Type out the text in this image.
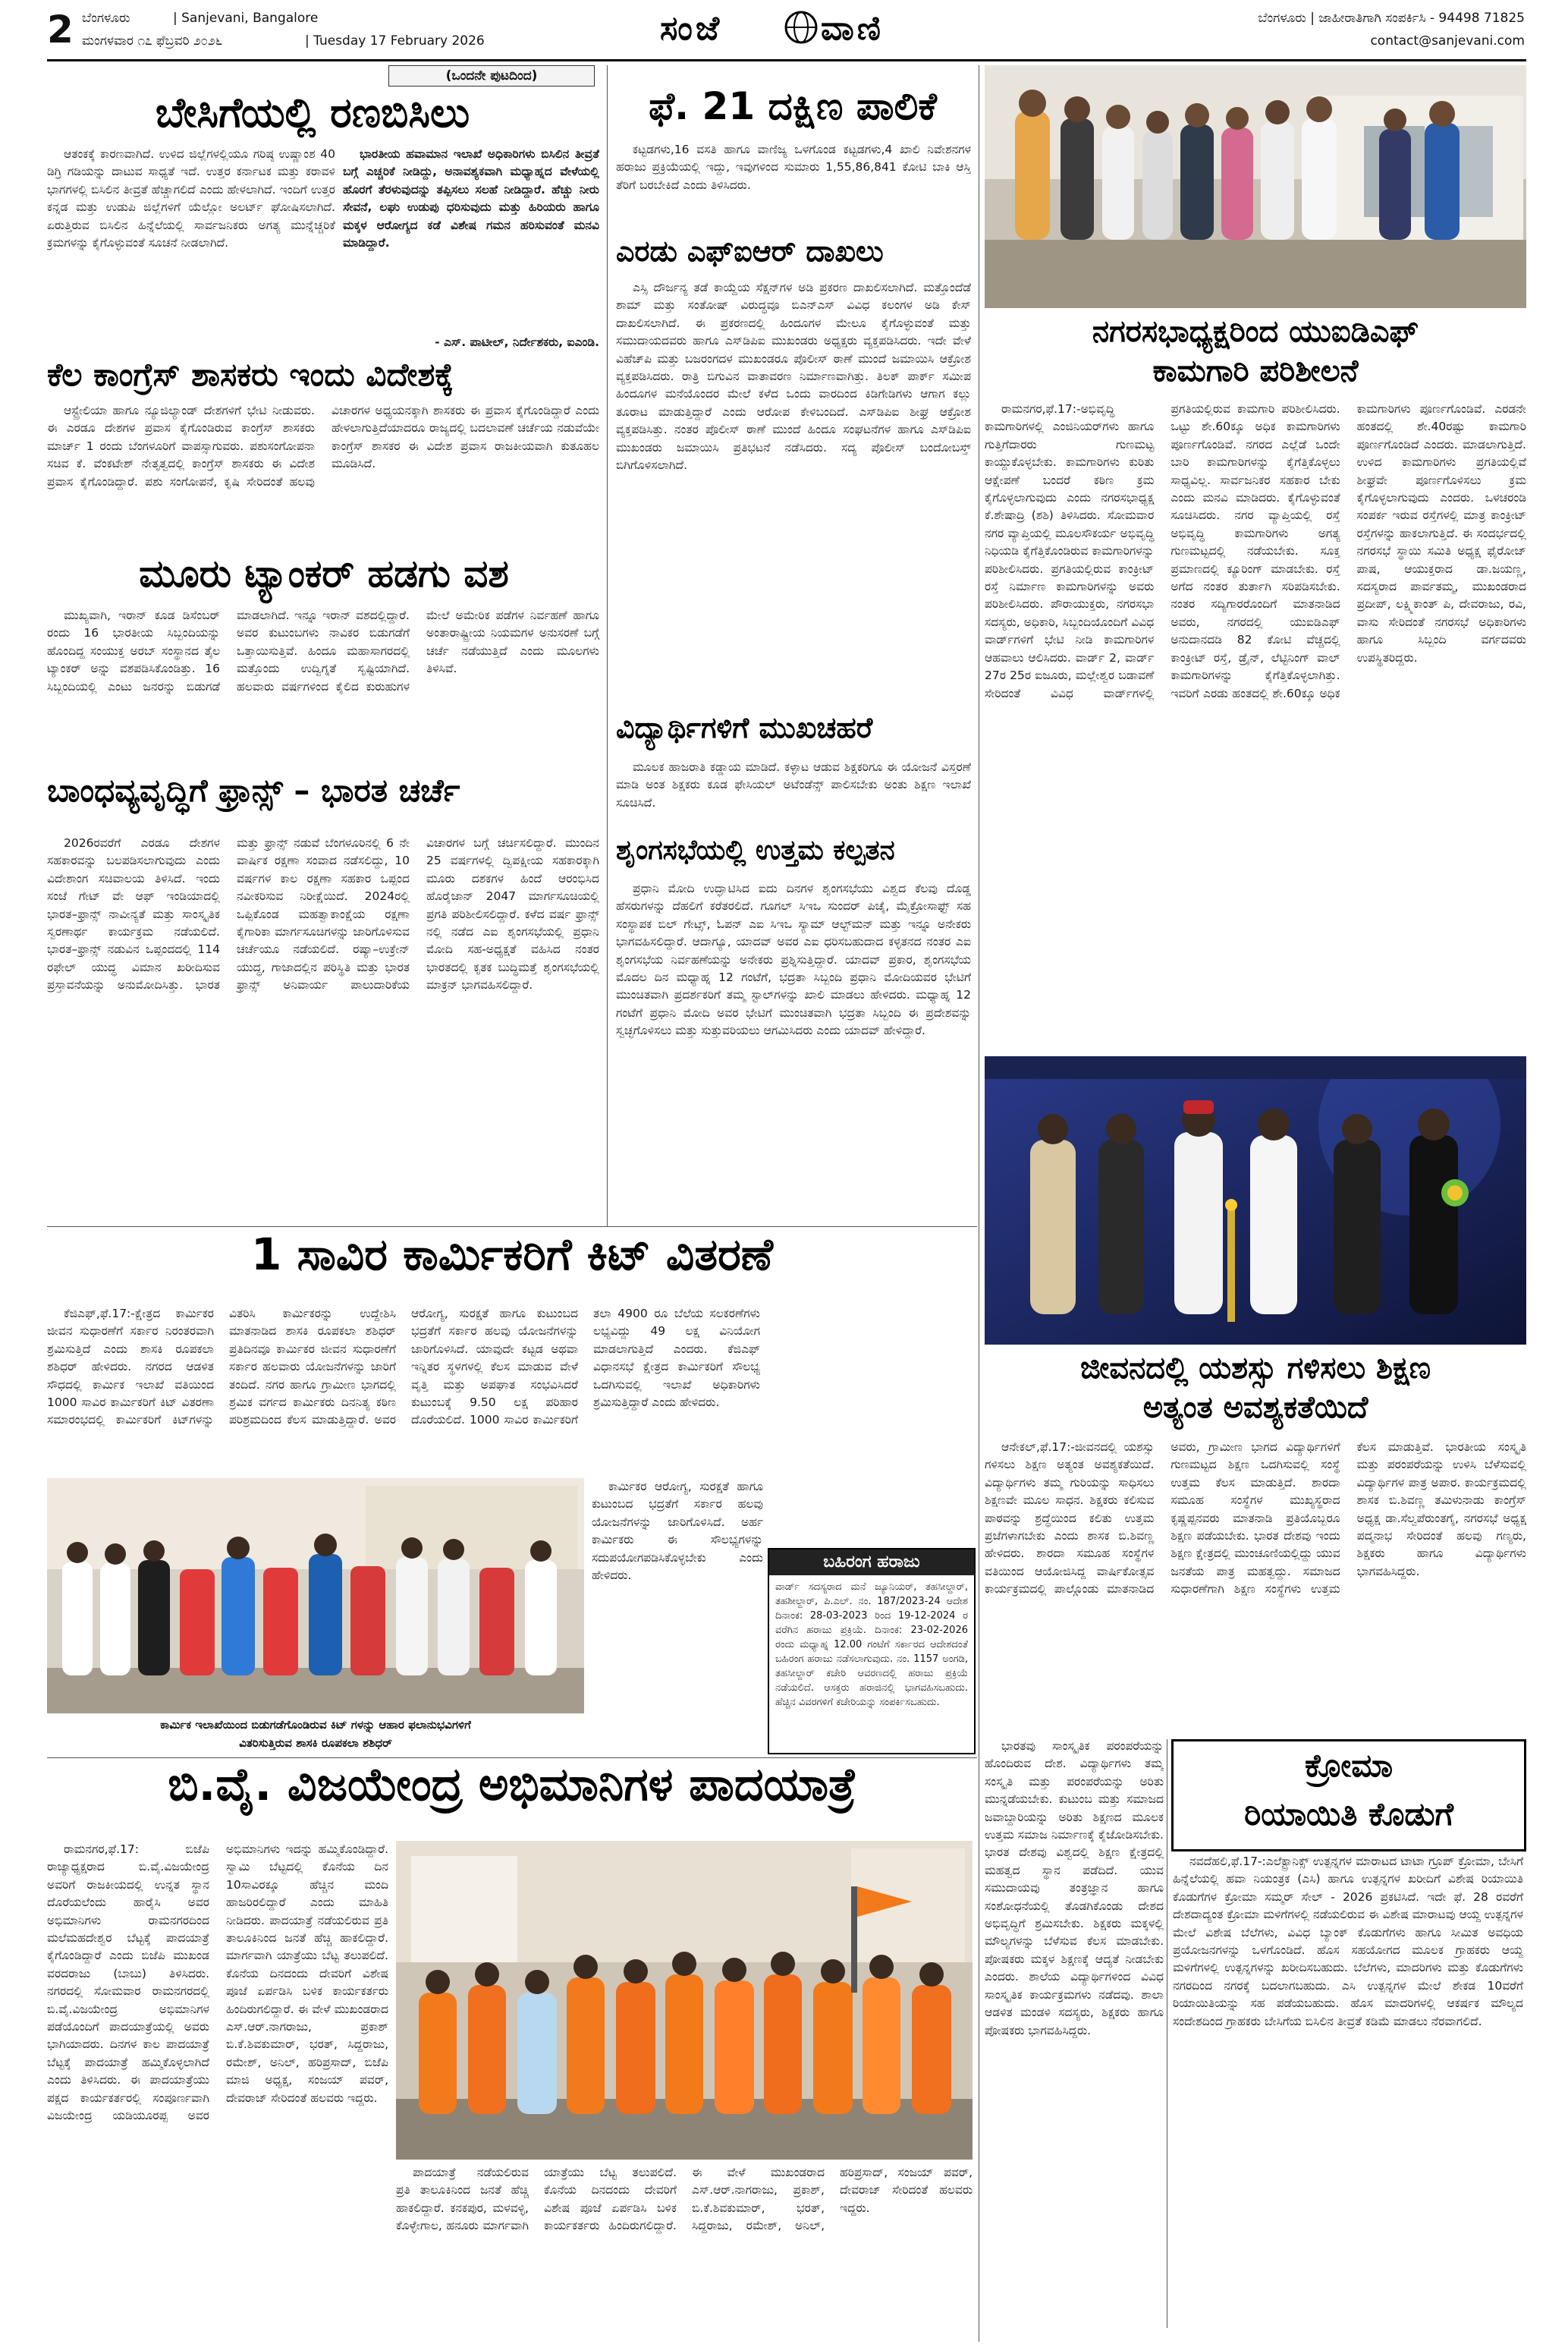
2 ಬೆಂಗಳೂರು	| Sanjevani, Bangalore
ಮಂಗಳವಾರ ೧೭ ಫೆಬ್ರವರಿ ೨೦೨೬	| Tuesday 17 February 2026	ಸಂಜೆ	ವಾಣಿ	ಬೆಂಗಳೂರು | ಜಾಹೀರಾತಿಗಾಗಿ ಸಂಪರ್ಕಿಸಿ - 94498 71825
contact@sanjevani.com
(ಒಂದನೇ ಪುಟದಿಂದ)
ಬೇಸಿಗೆಯಲ್ಲಿ ರಣಬಿಸಿಲು

ಆತಂಕಕ್ಕೆ ಕಾರಣವಾಗಿದೆ. ಉಳಿದ ಜಿಲ್ಲೆಗಳಲ್ಲಿಯೂ ಗರಿಷ್ಠ ಉಷ್ಣಾಂಶ 40 ಡಿಗ್ರಿ ಗಡಿಯನ್ನು ದಾಟುವ ಸಾಧ್ಯತೆ ಇದೆ. ಉತ್ತರ ಕರ್ನಾಟಕ ಮತ್ತು ಕರಾವಳಿ ಭಾಗಗಳಲ್ಲಿ ಬಿಸಿಲಿನ ತೀವ್ರತೆ ಹೆಚ್ಚಾಗಲಿದೆ ಎಂದು ಹೇಳಲಾಗಿದೆ. ಇಂದಿಗೆ ಉತ್ತರ ಕನ್ನಡ ಮತ್ತು ಉಡುಪಿ ಜಿಲ್ಲೆಗಳಿಗೆ ಯೆಲ್ಲೋ ಅಲರ್ಟ್ ಘೋಷಿಸಲಾಗಿದೆ. ಏರುತ್ತಿರುವ ಬಿಸಿಲಿನ ಹಿನ್ನೆಲೆಯಲ್ಲಿ ಸಾರ್ವಜನಿಕರು ಅಗತ್ಯ ಮುನ್ನೆಚ್ಚರಿಕೆ ಕ್ರಮಗಳನ್ನು ಕೈಗೊಳ್ಳುವಂತೆ ಸೂಚನೆ ನೀಡಲಾಗಿದೆ.

ಭಾರತೀಯ ಹವಾಮಾನ ಇಲಾಖೆ ಅಧಿಕಾರಿಗಳು ಬಿಸಿಲಿನ ತೀವ್ರತೆ ಬಗ್ಗೆ ಎಚ್ಚರಿಕೆ ನೀಡಿದ್ದು, ಅನಾವಶ್ಯಕವಾಗಿ ಮಧ್ಯಾಹ್ನದ ವೇಳೆಯಲ್ಲಿ ಹೊರಗೆ ತೆರಳುವುದನ್ನು ತಪ್ಪಿಸಲು ಸಲಹೆ ನೀಡಿದ್ದಾರೆ. ಹೆಚ್ಚು ನೀರು ಸೇವನೆ, ಲಘು ಉಡುಪು ಧರಿಸುವುದು ಮತ್ತು ಹಿರಿಯರು ಹಾಗೂ ಮಕ್ಕಳ ಆರೋಗ್ಯದ ಕಡೆ ವಿಶೇಷ ಗಮನ ಹರಿಸುವಂತೆ ಮನವಿ ಮಾಡಿದ್ದಾರೆ.

- ಎಸ್. ಪಾಟೀಲ್, ನಿರ್ದೇಶಕರು, ಐಎಂಡಿ.
ಕೆಲ ಕಾಂಗ್ರೆಸ್ ಶಾಸಕರು ಇಂದು ವಿದೇಶಕ್ಕೆ

ಆಸ್ಟ್ರೇಲಿಯಾ ಹಾಗೂ ನ್ಯೂಜಿಲ್ಯಾಂಡ್ ದೇಶಗಳಿಗೆ ಭೇಟಿ ನೀಡುವರು. ಈ ಎರಡೂ ದೇಶಗಳ ಪ್ರವಾಸ ಕೈಗೊಂಡಿರುವ ಕಾಂಗ್ರೆಸ್ ಶಾಸಕರು ಮಾರ್ಚ್ 1 ರಂದು ಬೆಂಗಳೂರಿಗೆ ವಾಪಸ್ಸಾಗುವರು. ಪಶುಸಂಗೋಪನಾ ಸಚಿವ ಕೆ. ವೆಂಕಟೇಶ್ ನೇತೃತ್ವದಲ್ಲಿ ಕಾಂಗ್ರೆಸ್ ಶಾಸಕರು ಈ ವಿದೇಶ ಪ್ರವಾಸ ಕೈಗೊಂಡಿದ್ದಾರೆ. ಪಶು ಸಂಗೋಪನೆ, ಕೃಷಿ ಸೇರಿದಂತೆ ಹಲವು ವಿಚಾರಗಳ ಅಧ್ಯಯನಕ್ಕಾಗಿ ಶಾಸಕರು ಈ ಪ್ರವಾಸ ಕೈಗೊಂಡಿದ್ದಾರೆ ಎಂದು ಹೇಳಲಾಗುತ್ತಿದೆಯಾದರೂ ರಾಜ್ಯದಲ್ಲಿ ಬದಲಾವಣೆ ಚರ್ಚೆಯ ನಡುವೆಯೇ ಕಾಂಗ್ರೆಸ್ ಶಾಸಕರ ಈ ವಿದೇಶ ಪ್ರವಾಸ ರಾಜಕೀಯವಾಗಿ ಕುತೂಹಲ ಮೂಡಿಸಿದೆ.

ಮೂರು ಟ್ಯಾಂಕರ್ ಹಡಗು ವಶ

ಮುಖ್ಯವಾಗಿ, ಇರಾನ್ ಕೂಡ ಡಿಸೆಂಬರ್ ರಂದು 16 ಭಾರತೀಯ ಸಿಬ್ಬಂದಿಯನ್ನು ಹೊಂದಿದ್ದ ಸಂಯುಕ್ತ ಅರಬ್ ಸಂಸ್ಥಾನದ ತೈಲ ಟ್ಯಾಂಕರ್ ಅನ್ನು ವಶಪಡಿಸಿಕೊಂಡಿತ್ತು. 16 ಸಿಬ್ಬಂದಿಯಲ್ಲಿ ಎಂಟು ಜನರನ್ನು ಬಿಡುಗಡೆ ಮಾಡಲಾಗಿದೆ. ಇನ್ನೂ ಇರಾನ್ ವಶದಲ್ಲಿದ್ದಾರೆ. ಅವರ ಕುಟುಂಬಗಳು ನಾವಿಕರ ಬಿಡುಗಡೆಗೆ ಒತ್ತಾಯಿಸುತ್ತಿವೆ. ಹಿಂದೂ ಮಹಾಸಾಗರದಲ್ಲಿ ಮತ್ತೊಂದು ಉದ್ವಿಗ್ನತೆ ಸೃಷ್ಟಿಯಾಗಿದೆ. ಹಲವಾರು ವರ್ಷಗಳಿಂದ ಕೈಲಿದ ಕುರುಹುಗಳ ಮೇಲೆ ಅಮೇರಿಕ ಪಡೆಗಳ ನಿರ್ವಹಣೆ ಹಾಗೂ ಅಂತಾರಾಷ್ಟ್ರೀಯ ನಿಯಮಗಳ ಅನುಸರಣೆ ಬಗ್ಗೆ ಚರ್ಚೆ ನಡೆಯುತ್ತಿದೆ ಎಂದು ಮೂಲಗಳು ತಿಳಿಸಿವೆ.

ಬಾಂಧವ್ಯವೃದ್ಧಿಗೆ ಫ್ರಾನ್ಸ್ – ಭಾರತ ಚರ್ಚೆ

2026ರವರೆಗೆ ಎರಡೂ ದೇಶಗಳ ಸಹಕಾರವನ್ನು ಬಲಪಡಿಸಲಾಗುವುದು ಎಂದು ವಿದೇಶಾಂಗ ಸಚಿವಾಲಯ ತಿಳಿಸಿದೆ. ಇಂದು ಸಂಜೆ ಗೇಟ್ ವೇ ಆಫ್ ಇಂಡಿಯಾದಲ್ಲಿ ಭಾರತ–ಫ್ರಾನ್ಸ್ ನಾವೀನ್ಯತೆ ಮತ್ತು ಸಾಂಸ್ಕೃತಿಕ ಸ್ವರಣಾರ್ಥ ಕಾರ್ಯಕ್ರಮ ನಡೆಯಲಿದೆ. ಭಾರತ–ಫ್ರಾನ್ಸ್ ನಡುವಿನ ಒಪ್ಪಂದದಲ್ಲಿ 114 ರಫೇಲ್ ಯುದ್ಧ ವಿಮಾನ ಖರೀದಿಸುವ ಪ್ರಸ್ತಾವನೆಯನ್ನು ಅನುಮೋದಿಸಿತ್ತು. ಭಾರತ ಮತ್ತು ಫ್ರಾನ್ಸ್ ನಡುವೆ ಬೆಂಗಳೂರಿನಲ್ಲಿ 6 ನೇ ವಾರ್ಷಿಕ ರಕ್ಷಣಾ ಸಂವಾದ ನಡೆಸಲಿದ್ದು, 10 ವರ್ಷಗಳ ಕಾಲ ರಕ್ಷಣಾ ಸಹಕಾರ ಒಪ್ಪಂದ ನವೀಕರಿಸುವ ನಿರೀಕ್ಷೆಯಿದೆ. 2024ರಲ್ಲಿ ಒಪ್ಪಿಕೊಂಡ ಮಹತ್ವಾಕಾಂಕ್ಷೆಯ ರಕ್ಷಣಾ ಕೈಗಾರಿಕಾ ಮಾರ್ಗಸೂಚಿಗಳನ್ನು ಜಾರಿಗೊಳಿಸುವ ಚರ್ಚೆಯೂ ನಡೆಯಲಿದೆ. ರಷ್ಯಾ–ಉಕ್ರೇನ್ ಯುದ್ಧ, ಗಾಜಾದಲ್ಲಿನ ಪರಿಸ್ಥಿತಿ ಮತ್ತು ಭಾರತ ಫ್ರಾನ್ಸ್ ಅನಿವಾರ್ಯ ಪಾಲುದಾರಿಕೆಯ ವಿಚಾರಗಳ ಬಗ್ಗೆ ಚರ್ಚಿಸಲಿದ್ದಾರೆ. ಮುಂದಿನ 25 ವರ್ಷಗಳಲ್ಲಿ ದ್ವಿಪಕ್ಷೀಯ ಸಹಕಾರಕ್ಕಾಗಿ ಮೂರು ದಶಕಗಳ ಹಿಂದೆ ಆರಂಭಿಸಿದ ಹೊರೈಜಾನ್ 2047 ಮಾರ್ಗಸೂಚಿಯಲ್ಲಿ ಪ್ರಗತಿ ಪರಿಶೀಲಿಸಲಿದ್ದಾರೆ. ಕಳೆದ ವರ್ಷ ಫ್ರಾನ್ಸ್ ನಲ್ಲಿ ನಡೆದ ಎಐ ಶೃಂಗಸಭೆಯಲ್ಲಿ ಪ್ರಧಾನಿ ಮೋದಿ ಸಹ-ಅಧ್ಯಕ್ಷತೆ ವಹಿಸಿದ ನಂತರ ಭಾರತದಲ್ಲಿ ಕೃತಕ ಬುದ್ಧಿಮತ್ತೆ ಶೃಂಗಸಭೆಯಲ್ಲಿ ಮಾಕ್ರನ್ ಭಾಗವಹಿಸಲಿದ್ದಾರೆ.

ಫೆ. 21 ದಕ್ಷಿಣ ಪಾಲಿಕೆ

ಕಟ್ಟಡಗಳು,16 ವಸತಿ ಹಾಗೂ ವಾಣಿಜ್ಯ ಒಳಗೊಂಡ ಕಟ್ಟಡಗಳು,4 ಖಾಲಿ ನಿವೇಶನಗಳ ಹರಾಜು ಪ್ರಕ್ರಿಯೆಯಲ್ಲಿ ಇದ್ದು, ಇವುಗಳಿಂದ ಸುಮಾರು 1,55,86,841 ಕೋಟಿ ಬಾಕಿ ಆಸ್ತಿ ತೆರಿಗೆ ಬರಬೇಕಿದೆ ಎಂದು ತಿಳಿಸಿದರು.

ಎರಡು ಎಫ್‌ಐಆರ್ ದಾಖಲು

ಎಸ್ಸಿ ದೌರ್ಜನ್ಯ ತಡೆ ಕಾಯ್ದೆಯ ಸೆಕ್ಷನ್‌ಗಳ ಅಡಿ ಪ್ರಕರಣ ದಾಖಲಿಸಲಾಗಿದೆ. ಮತ್ತೊಂದೆಡೆ ಶಾಮ್ ಮತ್ತು ಸಂತೋಷ್ ವಿರುದ್ಧವೂ ಬಿಎನ್‌ಎಸ್ ವಿವಿಧ ಕಲಂಗಳ ಅಡಿ ಕೇಸ್ ದಾಖಲಿಸಲಾಗಿದೆ. ಈ ಪ್ರಕರಣದಲ್ಲಿ ಹಿಂದೂಗಳ ಮೇಲೂ ಕೈಗೊಳ್ಳುವಂತೆ ಮತ್ತು ಸಮುದಾಯದವರು ಹಾಗೂ ಎಸ್‌ಡಿಪಿಐ ಮುಖಂಡರು ಅಧ್ಯಕ್ಷರು ವ್ಯಕ್ತಪಡಿಸಿದರು. ಇದೇ ವೇಳೆ ವಿಹೆಚ್‌ಪಿ ಮತ್ತು ಬಜರಂಗದಳ ಮುಖಂಡರೂ ಪೊಲೀಸ್ ಠಾಣೆ ಮುಂದೆ ಜಮಾಯಿಸಿ ಆಕ್ರೋಶ ವ್ಯಕ್ತಪಡಿಸಿದರು. ರಾತ್ರಿ ಬಿಗುವಿನ ವಾತಾವರಣ ನಿರ್ಮಾಣವಾಗಿತ್ತು. ತಿಲಕ್ ಪಾರ್ಕ್ ಸಮೀಪ ಹಿಂದೂಗಳ ಮನೆಯೊಂದರ ಮೇಲೆ ಕಳೆದ ಒಂದು ವಾರದಿಂದ ಕಿಡಿಗೇಡಿಗಳು ಆಗಾಗ ಕಲ್ಲು ತೂರಾಟ ಮಾಡುತ್ತಿದ್ದಾರೆ ಎಂದು ಆರೋಪ ಕೇಳಿಬಂದಿದೆ. ಎಸ್‌ಡಿಪಿಐ ಶೀಘ್ರ ಆಕ್ರೋಶ ವ್ಯಕ್ತಪಡಿಸಿತ್ತು. ನಂತರ ಪೊಲೀಸ್ ಠಾಣೆ ಮುಂದೆ ಹಿಂದೂ ಸಂಘಟನೆಗಳ ಹಾಗೂ ಎಸ್‌ಡಿಪಿಐ ಮುಖಂಡರು ಜಮಾಯಿಸಿ ಪ್ರತಿಭಟನೆ ನಡೆಸಿದರು. ಸದ್ಯ ಪೊಲೀಸ್ ಬಂದೋಬಸ್ತ್ ಬಿಗಿಗೊಳಿಸಲಾಗಿದೆ.

ವಿದ್ಯಾರ್ಥಿಗಳಿಗೆ ಮುಖಚಹರೆ

ಮೂಲಕ ಹಾಜರಾತಿ ಕಡ್ಡಾಯ ಮಾಡಿದೆ. ಕಳ್ಳಾಟ ಆಡುವ ಶಿಕ್ಷಕರಿಗೂ ಈ ಯೋಜನೆ ವಿಸ್ತರಣೆ ಮಾಡಿ ಅಂತ ಶಿಕ್ಷಕರು ಕೂಡ ಫೇಸಿಯಲ್ ಅಟೆಂಡೆನ್ಸ್ ಪಾಲಿಸಬೇಕು ಅಂತು ಶಿಕ್ಷಣ ಇಲಾಖೆ ಸೂಚಿಸಿದೆ.

ಶೃಂಗಸಭೆಯಲ್ಲಿ ಉತ್ತಮ ಕಲ್ಪತನ

ಪ್ರಧಾನಿ ಮೋದಿ ಉದ್ಘಾಟಿಸಿದ ಐದು ದಿನಗಳ ಶೃಂಗಸಭೆಯು ವಿಶ್ವದ ಕೆಲವು ದೊಡ್ಡ ಹೆಸರುಗಳನ್ನು ದೆಹಲಿಗೆ ಕರೆತರಲಿದೆ. ಗೂಗಲ್ ಸಿಇಒ ಸುಂದರ್ ಪಿಚೈ, ಮೈಕ್ರೋಸಾಫ್ಟ್ ಸಹ ಸಂಸ್ಥಾಪಕ ಬಿಲ್ ಗೇಟ್ಸ್, ಓಪನ್ ಎಐ ಸಿಇಒ ಸ್ಯಾಮ್ ಆಲ್ಟ್‌ಮನ್ ಮತ್ತು ಇನ್ನೂ ಅನೇಕರು ಭಾಗವಹಿಸಲಿದ್ದಾರೆ. ಆದಾಗ್ಯೂ, ಯಾದವ್ ಅವರ ಎಐ ಧರಿಸಬಹುದಾದ ಕಳ್ಳತನದ ನಂತರ ಎಐ ಶೃಂಗಸಭೆಯ ನಿರ್ವಹಣೆಯನ್ನು ಅನೇಕರು ಪ್ರಶ್ನಿಸುತ್ತಿದ್ದಾರೆ. ಯಾದವ್ ಪ್ರಕಾರ, ಶೃಂಗಸಭೆಯ ಮೊದಲ ದಿನ ಮಧ್ಯಾಹ್ನ 12 ಗಂಟೆಗೆ, ಭದ್ರತಾ ಸಿಬ್ಬಂದಿ ಪ್ರಧಾನಿ ಮೋದಿಯವರ ಭೇಟಿಗೆ ಮುಂಚಿತವಾಗಿ ಪ್ರದರ್ಶಕರಿಗೆ ತಮ್ಮ ಸ್ಟಾಲ್‌ಗಳನ್ನು ಖಾಲಿ ಮಾಡಲು ಹೇಳಿದರು. ಮಧ್ಯಾಹ್ನ 12 ಗಂಟೆಗೆ ಪ್ರಧಾನಿ ಮೋದಿ ಅವರ ಭೇಟಿಗೆ ಮುಂಚಿತವಾಗಿ ಭದ್ರತಾ ಸಿಬ್ಬಂದಿ ಈ ಪ್ರದೇಶವನ್ನು ಸ್ವಚ್ಛಗೊಳಿಸಲು ಮತ್ತು ಸುತ್ತುವರಿಯಲು ಆಗಮಿಸಿದರು ಎಂದು ಯಾದವ್ ಹೇಳಿದ್ದಾರೆ.

ನಗರಸಭಾಧ್ಯಕ್ಷರಿಂದ ಯುಐಡಿಎಫ್
ಕಾಮಗಾರಿ ಪರಿಶೀಲನೆ

ರಾಮನಗರ,ಫೆ.17:-ಅಭಿವೃದ್ಧಿ ಕಾಮಗಾರಿಗಳಲ್ಲಿ ಎಂಜಿನಿಯರ್‌ಗಳು ಹಾಗೂ ಗುತ್ತಿಗೆದಾರರು ಗುಣಮಟ್ಟ ಕಾಯ್ದುಕೊಳ್ಳಬೇಕು. ಕಾಮಗಾರಿಗಳು ಕುರಿತು ಆಕ್ಷೇಪಣೆ ಬಂದರೆ ಕಠಿಣ ಕ್ರಮ ಕೈಗೊಳ್ಳಲಾಗುವುದು ಎಂದು ನಗರಸಭಾಧ್ಯಕ್ಷ ಕೆ.ಶೇಷಾದ್ರಿ (ಶಶಿ) ತಿಳಿಸಿದರು. ಸೋಮವಾರ ನಗರ ವ್ಯಾಪ್ತಿಯಲ್ಲಿ ಮೂಲಸೌಕರ್ಯ ಅಭಿವೃದ್ಧಿ ನಿಧಿಯಡಿ ಕೈಗೆತ್ತಿಕೊಂಡಿರುವ ಕಾಮಗಾರಿಗಳನ್ನು ಪರಿಶೀಲಿಸಿದರು. ಪ್ರಗತಿಯಲ್ಲಿರುವ ಕಾಂಕ್ರೀಟ್ ರಸ್ತೆ ನಿರ್ಮಾಣ ಕಾಮಗಾರಿಗಳನ್ನು ಅವರು ಪರಿಶೀಲಿಸಿದರು. ಪೌರಾಯುಕ್ತರು, ನಗರಸಭಾ ಸದಸ್ಯರು, ಅಧಿಕಾರಿ, ಸಿಬ್ಬಂದಿಯೊಂದಿಗೆ ವಿವಿಧ ವಾರ್ಡ್‌ಗಳಿಗೆ ಭೇಟಿ ನೀಡಿ ಕಾಮಗಾರಿಗಳ ಆಹವಾಲು ಆಲಿಸಿದರು. ವಾರ್ಡ್ 2, ವಾರ್ಡ್ 27ರ 25ರ ಐಜೂರು, ಮಲ್ಲೇಶ್ವರ ಬಡಾವಣೆ ಸೇರಿದಂತೆ ವಿವಿಧ ವಾರ್ಡ್‌ಗಳಲ್ಲಿ ಪ್ರಗತಿಯಲ್ಲಿರುವ ಕಾಮಗಾರಿ ಪರಿಶೀಲಿಸಿದರು. ಒಟ್ಟು ಶೇ.60ಕ್ಕೂ ಅಧಿಕ ಕಾಮಗಾರಿಗಳು ಪೂರ್ಣಗೊಂಡಿವೆ. ನಗರದ ಎಲ್ಲೆಡೆ ಒಂದೇ ಬಾರಿ ಕಾಮಗಾರಿಗಳನ್ನು ಕೈಗೆತ್ತಿಕೊಳ್ಳಲು ಸಾಧ್ಯವಿಲ್ಲ. ಸಾರ್ವಜನಿಕರ ಸಹಕಾರ ಬೇಕು ಎಂದು ಮನವಿ ಮಾಡಿದರು. ಕೈಗೊಳ್ಳುವಂತೆ ಸೂಚಿಸಿದರು. ನಗರ ವ್ಯಾಪ್ತಿಯಲ್ಲಿ ರಸ್ತೆ ಅಭಿವೃದ್ಧಿ ಕಾಮಗಾರಿಗಳು ಅಗತ್ಯ ಗುಣಮಟ್ಟದಲ್ಲಿ ನಡೆಯಬೇಕು. ಸೂಕ್ತ ಪ್ರಮಾಣದಲ್ಲಿ ಕ್ಯೂರಿಂಗ್ ಮಾಡಬೇಕು. ರಸ್ತೆ ಅಗೆದ ನಂತರ ತುರ್ತಾಗಿ ಸರಿಪಡಿಸಬೇಕು. ನಂತರ ಸದ್ಯಿಗಾರರೊಂದಿಗೆ ಮಾತನಾಡಿದ ಅವರು, ನಗರದಲ್ಲಿ ಯುಐಡಿಎಫ್ ಅನುದಾನದಡಿ 82 ಕೋಟಿ ವೆಚ್ಚದಲ್ಲಿ ಕಾಂಕ್ರೀಟ್ ರಸ್ತೆ, ಡ್ರೈನ್, ಲೆಟ್ಟಿನಿಂಗ್ ವಾಲ್ ಕಾಮಗಾರಿಗಳನ್ನು ಕೈಗೆತ್ತಿಕೊಳ್ಳಲಾಗಿತ್ತು. ಇವರಿಗೆ ಎರಡು ಹಂತದಲ್ಲಿ ಶೇ.60ಕ್ಕೂ ಅಧಿಕ ಕಾಮಗಾರಿಗಳು ಪೂರ್ಣಗೊಂಡಿವೆ. ಎರಡನೇ ಹಂತದಲ್ಲಿ ಶೇ.40ರಷ್ಟು ಕಾಮಗಾರಿ ಪೂರ್ಣಗೊಂಡಿದೆ ಎಂದರು. ಮಾಡಲಾಗುತ್ತಿದೆ. ಉಳಿದ ಕಾಮಗಾರಿಗಳು ಪ್ರಗತಿಯಲ್ಲಿವೆ ಶೀಘ್ರವೇ ಪೂರ್ಣಗೊಳಿಸಲು ಕ್ರಮ ಕೈಗೊಳ್ಳಲಾಗುವುದು ಎಂದರು. ಒಳಚರಂಡಿ ಸಂಪರ್ಕ ಇರುವ ರಸ್ತೆಗಳಲ್ಲಿ ಮಾತ್ರ ಕಾಂಕ್ರೀಟ್ ರಸ್ತೆಗಳನ್ನು ಹಾಕಲಾಗುತ್ತಿದೆ. ಈ ಸಂದರ್ಭದಲ್ಲಿ ನಗರಸಭೆ ಸ್ಥಾಯಿ ಸಮಿತಿ ಅಧ್ಯಕ್ಷ ಫೈರೋಜ್ ಪಾಷ, ಆಯುಕ್ತರಾದ ಡಾ.ಜಯಣ್ಣ, ಸದಸ್ಯರಾದ ಪಾರ್ವತಮ್ಮ, ಮುಖಂಡರಾದ ಪ್ರದೀಪ್, ಲಕ್ಷ್ಮಿಕಾಂತ್ ಪಿ, ದೇವರಾಜು, ರವಿ, ವಾಸು ಸೇರಿದಂತೆ ನಗರಸಭೆ ಅಧಿಕಾರಿಗಳು ಹಾಗೂ ಸಿಬ್ಬಂದಿ ವರ್ಗದವರು ಉಪಸ್ಥಿತರಿದ್ದರು.

1 ಸಾವಿರ ಕಾರ್ಮಿಕರಿಗೆ ಕಿಟ್ ವಿತರಣೆ

ಕೆಜಿಎಫ್,ಫೆ.17:-ಕ್ಷೇತ್ರದ ಕಾರ್ಮಿಕರ ಜೀವನ ಸುಧಾರಣೆಗೆ ಸರ್ಕಾರ ನಿರಂತರವಾಗಿ ಶ್ರಮಿಸುತ್ತಿದೆ ಎಂದು ಶಾಸಕಿ ರೂಪಕಲಾ ಶಶಿಧರ್ ಹೇಳಿದರು. ನಗರದ ಆಡಳಿತ ಸೌಧದಲ್ಲಿ ಕಾರ್ಮಿಕ ಇಲಾಖೆ ವತಿಯಿಂದ 1000 ಸಾವಿರ ಕಾರ್ಮಿಕರಿಗೆ ಕಿಟ್ ವಿತರಣಾ ಸಮಾರಂಭದಲ್ಲಿ ಕಾರ್ಮಿಕರಿಗೆ ಕಿಟ್‌ಗಳನ್ನು ವಿತರಿಸಿ ಕಾರ್ಮಿಕರನ್ನು ಉದ್ದೇಶಿಸಿ ಮಾತನಾಡಿದ ಶಾಸಕಿ ರೂಪಕಲಾ ಶಶಿಧರ್ ಪ್ರತಿದಿನವೂ ಕಾರ್ಮಿಕರ ಜೀವನ ಸುಧಾರಣೆಗೆ ಸರ್ಕಾರ ಹಲವಾರು ಯೋಜನೆಗಳನ್ನು ಜಾರಿಗೆ ತಂದಿದೆ. ನಗರ ಹಾಗೂ ಗ್ರಾಮೀಣ ಭಾಗದಲ್ಲಿ ಶ್ರಮಿಕ ವರ್ಗದ ಕಾರ್ಮಿಕರು ದಿನನಿತ್ಯ ಕಠಿಣ ಪರಿಶ್ರಮದಿಂದ ಕೆಲಸ ಮಾಡುತ್ತಿದ್ದಾರೆ. ಅವರ ಆರೋಗ್ಯ, ಸುರಕ್ಷತೆ ಹಾಗೂ ಕುಟುಂಬದ ಭದ್ರತೆಗೆ ಸರ್ಕಾರ ಹಲವು ಯೋಜನೆಗಳನ್ನು ಜಾರಿಗೊಳಿಸಿದೆ. ಯಾವುದೇ ಕಟ್ಟಡ ಅಥವಾ ಇನ್ನಿತರ ಸ್ಥಳಗಳಲ್ಲಿ ಕೆಲಸ ಮಾಡುವ ವೇಳೆ ವೃತ್ತಿ ಮತ್ತು ಅಪಘಾತ ಸಂಭವಿಸಿದರೆ ಕುಟುಂಬಕ್ಕೆ 9.50 ಲಕ್ಷ ಪರಿಹಾರ ದೊರೆಯಲಿದೆ. 1000 ಸಾವಿರ ಕಾರ್ಮಿಕರಿಗೆ ತಲಾ 4900 ರೂ ಬೆಲೆಯ ಸಲಕರಣೆಗಳು ಲಭ್ಯವಿದ್ದು 49 ಲಕ್ಷ ವಿನಿಯೋಗ ಮಾಡಲಾಗುತ್ತಿದೆ ಎಂದರು. ಕೆಜಿಎಫ್ ವಿಧಾನಸಭೆ ಕ್ಷೇತ್ರದ ಕಾರ್ಮಿಕರಿಗೆ ಸೌಲಭ್ಯ ಒದಗಿಸುವಲ್ಲಿ ಇಲಾಖೆ ಅಧಿಕಾರಿಗಳು ಶ್ರಮಿಸುತ್ತಿದ್ದಾರೆ ಎಂದು ಹೇಳಿದರು.

ಕಾರ್ಮಿಕ ಇಲಾಖೆಯಿಂದ ಬಿಡುಗಡೆಗೊಂಡಿರುವ ಕಿಟ್ ಗಳನ್ನು ಆಹಾರ ಫಲಾನುಭವಿಗಳಿಗೆ
ವಿತರಿಸುತ್ತಿರುವ ಶಾಸಕಿ ರೂಪಕಲಾ ಶಶಿಧರ್

ಕಾರ್ಮಿಕರ ಆರೋಗ್ಯ, ಸುರಕ್ಷತೆ ಹಾಗೂ ಕುಟುಂಬದ ಭದ್ರತೆಗೆ ಸರ್ಕಾರ ಹಲವು ಯೋಜನೆಗಳನ್ನು ಜಾರಿಗೊಳಿಸಿದೆ. ಅರ್ಹ ಕಾರ್ಮಿಕರು ಈ ಸೌಲಭ್ಯಗಳನ್ನು ಸದುಪಯೋಗಪಡಿಸಿಕೊಳ್ಳಬೇಕು ಎಂದು ಹೇಳಿದರು.

ಬಹಿರಂಗ ಹರಾಜು
ವಾರ್ಡ್ ಸದಸ್ಯರಾದ ಮನೆ ಜ್ಯೂನಿಯರ್, ತಹಸೀಲ್ದಾರ್, ತಹಶೀಲ್ದಾರ್, ಪಿ.ಎಲ್. ನಂ. 187/2023-24 ಆದೇಶ ದಿನಾಂಕ: 28-03-2023 ರಿಂದ 19-12-2024 ರ ವರೆಗಿನ ಹರಾಜು ಪ್ರಕ್ರಿಯೆ. ದಿನಾಂಕ: 23-02-2026 ರಂದು ಮಧ್ಯಾಹ್ನ 12.00 ಗಂಟೆಗೆ ಸರ್ಕಾರದ ಆದೇಶದಂತೆ ಬಹಿರಂಗ ಹರಾಜು ನಡೆಸಲಾಗುವುದು. ನಂ. 1157 ಅಂಗಡಿ, ತಹಸೀಲ್ದಾರ್ ಕಚೇರಿ ಆವರಣದಲ್ಲಿ ಹರಾಜು ಪ್ರಕ್ರಿಯೆ ನಡೆಯಲಿದೆ. ಆಸಕ್ತರು ಹರಾಜಿನಲ್ಲಿ ಭಾಗವಹಿಸಬಹುದು. ಹೆಚ್ಚಿನ ವಿವರಗಳಿಗೆ ಕಚೇರಿಯನ್ನು ಸಂಪರ್ಕಿಸಬಹುದು.
ಜೀವನದಲ್ಲಿ ಯಶಸ್ಸು ಗಳಿಸಲು ಶಿಕ್ಷಣ
ಅತ್ಯಂತ ಅವಶ್ಯಕತೆಯಿದೆ

ಆನೇಕಲ್,ಫೆ.17:-ಜೀವನದಲ್ಲಿ ಯಶಸ್ಸು ಗಳಿಸಲು ಶಿಕ್ಷಣ ಅತ್ಯಂತ ಅವಶ್ಯಕತೆಯಿದೆ. ವಿದ್ಯಾರ್ಥಿಗಳು ತಮ್ಮ ಗುರಿಯನ್ನು ಸಾಧಿಸಲು ಶಿಕ್ಷಣವೇ ಮೂಲ ಸಾಧನ. ಶಿಕ್ಷಕರು ಕಲಿಸುವ ಪಾಠವನ್ನು ಶ್ರದ್ಧೆಯಿಂದ ಕಲಿತು ಉತ್ತಮ ಪ್ರಜೆಗಳಾಗಬೇಕು ಎಂದು ಶಾಸಕ ಬಿ.ಶಿವಣ್ಣ ಹೇಳಿದರು. ಶಾರದಾ ಸಮೂಹ ಸಂಸ್ಥೆಗಳ ವತಿಯಿಂದ ಆಯೋಜಿಸಿದ್ದ ವಾರ್ಷಿಕೋತ್ಸವ ಕಾರ್ಯಕ್ರಮದಲ್ಲಿ ಪಾಲ್ಗೊಂಡು ಮಾತನಾಡಿದ ಅವರು, ಗ್ರಾಮೀಣ ಭಾಗದ ವಿದ್ಯಾರ್ಥಿಗಳಿಗೆ ಗುಣಮಟ್ಟದ ಶಿಕ್ಷಣ ಒದಗಿಸುವಲ್ಲಿ ಸಂಸ್ಥೆ ಉತ್ತಮ ಕೆಲಸ ಮಾಡುತ್ತಿದೆ. ಶಾರದಾ ಸಮೂಹ ಸಂಸ್ಥೆಗಳ ಮುಖ್ಯಸ್ಥರಾದ ಕೃಷ್ಣಪ್ಪನವರು ಮಾತನಾಡಿ ಪ್ರತಿಯೊಬ್ಬರೂ ಶಿಕ್ಷಣ ಪಡೆಯಬೇಕು. ಭಾರತ ದೇಶವು ಇಂದು ಶಿಕ್ಷಣ ಕ್ಷೇತ್ರದಲ್ಲಿ ಮುಂಚೂಣಿಯಲ್ಲಿದ್ದು ಯುವ ಜನತೆಯ ಪಾತ್ರ ಮಹತ್ವದ್ದು. ಸಮಾಜದ ಸುಧಾರಣೆಗಾಗಿ ಶಿಕ್ಷಣ ಸಂಸ್ಥೆಗಳು ಉತ್ತಮ ಕೆಲಸ ಮಾಡುತ್ತಿವೆ. ಭಾರತೀಯ ಸಂಸ್ಕೃತಿ ಮತ್ತು ಪರಂಪರೆಯನ್ನು ಉಳಿಸಿ ಬೆಳೆಸುವಲ್ಲಿ ವಿದ್ಯಾರ್ಥಿಗಳ ಪಾತ್ರ ಅಪಾರ. ಕಾರ್ಯಕ್ರಮದಲ್ಲಿ ಶಾಸಕ ಬಿ.ಶಿವಣ್ಣ ತಮಿಳುನಾಡು ಕಾಂಗ್ರೆಸ್ ಅಧ್ಯಕ್ಷ ಡಾ.ಸೆಲ್ವಪೆರುಂತಗೈ, ನಗರಸಭೆ ಅಧ್ಯಕ್ಷ ಪದ್ಮನಾಭ ಸೇರಿದಂತೆ ಹಲವು ಗಣ್ಯರು, ಶಿಕ್ಷಕರು ಹಾಗೂ ವಿದ್ಯಾರ್ಥಿಗಳು ಭಾಗವಹಿಸಿದ್ದರು.

ಬಿ.ವೈ. ವಿಜಯೇಂದ್ರ ಅಭಿಮಾನಿಗಳ ಪಾದಯಾತ್ರೆ

ರಾಮನಗರ,ಫೆ.17: ಬಿಜೆಪಿ ರಾಜ್ಯಾಧ್ಯಕ್ಷರಾದ ಬಿ.ವೈ.ವಿಜಯೇಂದ್ರ ಅವರಿಗೆ ರಾಜಕೀಯದಲ್ಲಿ ಉನ್ನತ ಸ್ಥಾನ ದೊರೆಯಲೆಂದು ಹಾರೈಸಿ ಅವರ ಅಭಿಮಾನಿಗಳು ರಾಮನಗರದಿಂದ ಮಲೆಮಹದೇಶ್ವರ ಬೆಟ್ಟಕ್ಕೆ ಪಾದಯಾತ್ರೆ ಕೈಗೊಂಡಿದ್ದಾರೆ ಎಂದು ಬಿಜೆಪಿ ಮುಖಂಡ ವರದರಾಜು (ಬಾಬು) ತಿಳಿಸಿದರು. ನಗರದಲ್ಲಿ ಸೋಮವಾರ ರಾಮನಗರದಲ್ಲಿ ಬಿ.ವೈ.ವಿಜಯೇಂದ್ರ ಅಭಿಮಾನಿಗಳ ಪಡೆಯೊಂದಿಗೆ ಪಾದಯಾತ್ರೆಯಲ್ಲಿ ಅವರು ಭಾಗಿಯಾದರು. ದಿನಗಳ ಕಾಲ ಪಾದಯಾತ್ರೆ ಬೆಟ್ಟಕ್ಕೆ ಪಾದಯಾತ್ರೆ ಹಮ್ಮಿಕೊಳ್ಳಲಾಗಿದೆ ಎಂದು ತಿಳಿಸಿದರು. ಈ ಪಾದಯಾತ್ರೆಯು ಪಕ್ಷದ ಕಾರ್ಯಕರ್ತರಲ್ಲಿ ಸಂಪೂರ್ಣವಾಗಿ ವಿಜಯೇಂದ್ರ ಯಡಿಯೂರಪ್ಪ ಅವರ ಅಭಿಮಾನಿಗಳು ಇದನ್ನು ಹಮ್ಮಿಕೊಂಡಿದ್ದಾರೆ. ಸ್ವಾಮಿ ಬೆಟ್ಟದಲ್ಲಿ ಕೊನೆಯ ದಿನ 10ಸಾವಿರಕ್ಕೂ ಹೆಚ್ಚಿನ ಮಂದಿ ಹಾಜರಿರಲಿದ್ದಾರೆ ಎಂದು ಮಾಹಿತಿ ನೀಡಿದರು. ಪಾದಯಾತ್ರೆ ನಡೆಯಲಿರುವ ಪ್ರತಿ ತಾಲೂಕಿನಿಂದ ಜನತೆ ಹೆಚ್ಚಿ ಹಾಕಲಿದ್ದಾರೆ. ಮಾರ್ಗವಾಗಿ ಯಾತ್ರೆಯು ಬೆಟ್ಟ ತಲುಪಲಿದೆ. ಕೊನೆಯ ದಿನದಂದು ದೇವರಿಗೆ ವಿಶೇಷ ಪೂಜೆ ಏರ್ಪಡಿಸಿ ಬಳಿಕ ಕಾರ್ಯಕರ್ತರು ಹಿಂದಿರುಗಲಿದ್ದಾರೆ. ಈ ವೇಳೆ ಮುಖಂಡರಾದ ಎಸ್.ಆರ್.ನಾಗರಾಜು, ಪ್ರಕಾಶ್ ಬಿ.ಕೆ.ಶಿವಕುಮಾರ್, ಭರತ್, ಸಿದ್ದರಾಜು, ರಮೇಶ್, ಅನಿಲ್, ಹರಿಪ್ರಸಾದ್, ಬಿಜೆಪಿ ಮಾಜಿ ಅಧ್ಯಕ್ಷ, ಸಂಜಯ್ ಪವರ್, ದೇವರಾಜ್ ಸೇರಿದಂತೆ ಹಲವರು ಇದ್ದರು.

ಪಾದಯಾತ್ರೆ ನಡೆಯಲಿರುವ ಪ್ರತಿ ತಾಲೂಕಿನಿಂದ ಜನತೆ ಹೆಚ್ಚಿ ಹಾಕಲಿದ್ದಾರೆ. ಕನಕಪುರ, ಮಳವಳ್ಳಿ, ಕೊಳ್ಳೇಗಾಲ, ಹನೂರು ಮಾರ್ಗವಾಗಿ ಯಾತ್ರೆಯು ಬೆಟ್ಟ ತಲುಪಲಿದೆ. ಕೊನೆಯ ದಿನದಂದು ದೇವರಿಗೆ ವಿಶೇಷ ಪೂಜೆ ಏರ್ಪಡಿಸಿ ಬಳಿಕ ಕಾರ್ಯಕರ್ತರು ಹಿಂದಿರುಗಲಿದ್ದಾರೆ. ಈ ವೇಳೆ ಮುಖಂಡರಾದ ಎಸ್.ಆರ್.ನಾಗರಾಜು, ಪ್ರಕಾಶ್, ಬಿ.ಕೆ.ಶಿವಕುಮಾರ್, ಭರತ್, ಸಿದ್ದರಾಜು, ರಮೇಶ್, ಅನಿಲ್, ಹರಿಪ್ರಸಾದ್, ಸಂಜಯ್ ಪವರ್, ದೇವರಾಜ್ ಸೇರಿದಂತೆ ಹಲವರು ಇದ್ದರು.

ಕ್ರೋಮಾ
ರಿಯಾಯಿತಿ ಕೊಡುಗೆ

ಭಾರತವು ಸಾಂಸ್ಕೃತಿಕ ಪರಂಪರೆಯನ್ನು ಹೊಂದಿರುವ ದೇಶ. ವಿದ್ಯಾರ್ಥಿಗಳು ತಮ್ಮ ಸಂಸ್ಕೃತಿ ಮತ್ತು ಪರಂಪರೆಯನ್ನು ಅರಿತು ಮುನ್ನಡೆಯಬೇಕು. ಕುಟುಂಬ ಮತ್ತು ಸಮಾಜದ ಜವಾಬ್ದಾರಿಯನ್ನು ಅರಿತು ಶಿಕ್ಷಣದ ಮೂಲಕ ಉತ್ತಮ ಸಮಾಜ ನಿರ್ಮಾಣಕ್ಕೆ ಕೈಜೋಡಿಸಬೇಕು. ಭಾರತ ದೇಶವು ವಿಶ್ವದಲ್ಲಿ ಶಿಕ್ಷಣ ಕ್ಷೇತ್ರದಲ್ಲಿ ಮಹತ್ವದ ಸ್ಥಾನ ಪಡೆದಿದೆ. ಯುವ ಸಮುದಾಯವು ತಂತ್ರಜ್ಞಾನ ಹಾಗೂ ಸಂಶೋಧನೆಯಲ್ಲಿ ತೊಡಗಿಕೊಂಡು ದೇಶದ ಅಭಿವೃದ್ಧಿಗೆ ಶ್ರಮಿಸಬೇಕು. ಶಿಕ್ಷಕರು ಮಕ್ಕಳಲ್ಲಿ ಮೌಲ್ಯಗಳನ್ನು ಬೆಳೆಸುವ ಕೆಲಸ ಮಾಡಬೇಕು. ಪೋಷಕರು ಮಕ್ಕಳ ಶಿಕ್ಷಣಕ್ಕೆ ಆದ್ಯತೆ ನೀಡಬೇಕು ಎಂದರು. ಶಾಲೆಯ ವಿದ್ಯಾರ್ಥಿಗಳಿಂದ ವಿವಿಧ ಸಾಂಸ್ಕೃತಿಕ ಕಾರ್ಯಕ್ರಮಗಳು ನಡೆದವು. ಶಾಲಾ ಆಡಳಿತ ಮಂಡಳಿ ಸದಸ್ಯರು, ಶಿಕ್ಷಕರು ಹಾಗೂ ಪೋಷಕರು ಭಾಗವಹಿಸಿದ್ದರು.

ನವದೆಹಲಿ,ಫೆ.17-:ಎಲೆಕ್ಟ್ರಾನಿಕ್ಸ್ ಉತ್ಪನ್ನಗಳ ಮಾರಾಟದ ಟಾಟಾ ಗ್ರೂಪ್ ಕ್ರೋಮಾ, ಬೇಸಿಗೆ ಹಿನ್ನೆಲೆಯಲ್ಲಿ ಹವಾ ನಿಯಂತ್ರಕ (ಎಸಿ) ಹಾಗೂ ಉತ್ಪನ್ನಗಳ ಖರೀದಿಗೆ ವಿಶೇಷ ರಿಯಾಯಿತಿ ಕೊಡುಗೆಗಳ ಕ್ರೋಮಾ ಸಮ್ಮರ್ ಸೇಲ್ - 2026 ಪ್ರಕಟಿಸಿದೆ. ಇದೇ ಫೆ. 28 ರವರೆಗೆ ದೇಶದಾದ್ಯಂತ ಕ್ರೋಮಾ ಮಳಿಗೆಗಳಲ್ಲಿ ನಡೆಯಲಿರುವ ಈ ವಿಶೇಷ ಮಾರಾಟವು ಆಯ್ದ ಉತ್ಪನ್ನಗಳ ಮೇಲೆ ವಿಶೇಷ ಬೆಲೆಗಳು, ವಿವಿಧ ಬ್ಯಾಂಕ್ ಕೊಡುಗೆಗಳು ಹಾಗೂ ಸೀಮಿತ ಅವಧಿಯ ಪ್ರಯೋಜನಗಳನ್ನು ಒಳಗೊಂಡಿದೆ. ಹೊಸ ಸಹಯೋಗದ ಮೂಲಕ ಗ್ರಾಹಕರು ಆಯ್ದ ಮಳಿಗೆಗಳಲ್ಲಿ ಉತ್ಪನ್ನಗಳನ್ನು ಖರೀದಿಸಬಹುದು. ಬೆಲೆಗಳು, ಮಾದರಿಗಳು ಮತ್ತು ಕೊಡುಗೆಗಳು ನಗರದಿಂದ ನಗರಕ್ಕೆ ಬದಲಾಗಬಹುದು. ಎಸಿ ಉತ್ಪನ್ನಗಳ ಮೇಲೆ ಶೇಕಡ 10ವರೆಗೆ ರಿಯಾಯಿತಿಯನ್ನು ಸಹ ಪಡೆಯಬಹುದು. ಹೊಸ ಮಾದರಿಗಳಲ್ಲಿ ಆಕರ್ಷಕ ಮೌಲ್ಯದ ಸಂದೇಶದಿಂದ ಗ್ರಾಹಕರು ಬೇಸಿಗೆಯ ಬಿಸಿಲಿನ ತೀವ್ರತೆ ಕಡಿಮೆ ಮಾಡಲು ನೆರವಾಗಲಿದೆ.
